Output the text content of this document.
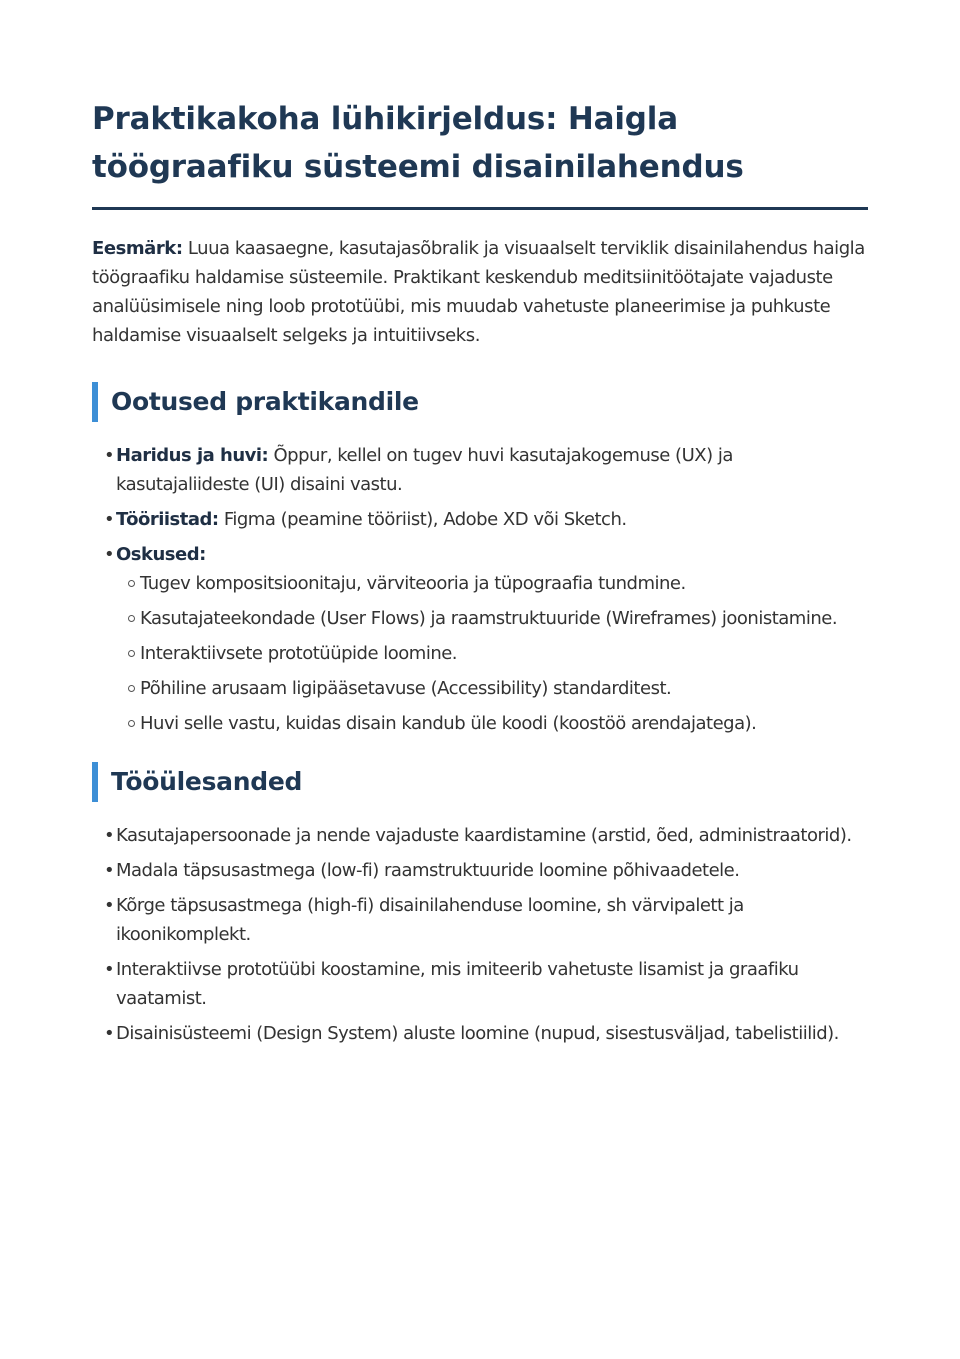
Praktikakoha lühikirjeldus: Haigla töögraafiku süsteemi disainilahendus

Eesmärk: Luua kaasaegne, kasutajasõbralik ja visuaalselt terviklik disainilahendus haigla töögraafiku haldamise süsteemile. Praktikant keskendub meditsiinitöötajate vajaduste analüüsimisele ning loob prototüübi, mis muudab vahetuste planeerimise ja puhkuste haldamise visuaalselt selgeks ja intuitiivseks.

Ootused praktikandile
• Haridus ja huvi: Õppur, kellel on tugev huvi kasutajakogemuse (UX) ja kasutajaliideste (UI) disaini vastu.
• Tööriistad: Figma (peamine tööriist), Adobe XD või Sketch.
• Oskused:
Tugev kompositsioonitaju, värviteooria ja tüpograafia tundmine.
Kasutajateekondade (User Flows) ja raamstruktuuride (Wireframes) joonistamine.
Interaktiivsete prototüüpide loomine.
Põhiline arusaam ligipääsetavuse (Accessibility) standarditest.
Huvi selle vastu, kuidas disain kandub üle koodi (koostöö arendajatega).
Tööülesanded
• Kasutajapersoonade ja nende vajaduste kaardistamine (arstid, õed, administraatorid).
• Madala täpsusastmega (low-fi) raamstruktuuride loomine põhivaadetele.
• Kõrge täpsusastmega (high-fi) disainilahenduse loomine, sh värvipalett ja ikoonikomplekt.
• Interaktiivse prototüübi koostamine, mis imiteerib vahetuste lisamist ja graafiku vaatamist.
• Disainisüsteemi (Design System) aluste loomine (nupud, sisestusväljad, tabelistiilid).
